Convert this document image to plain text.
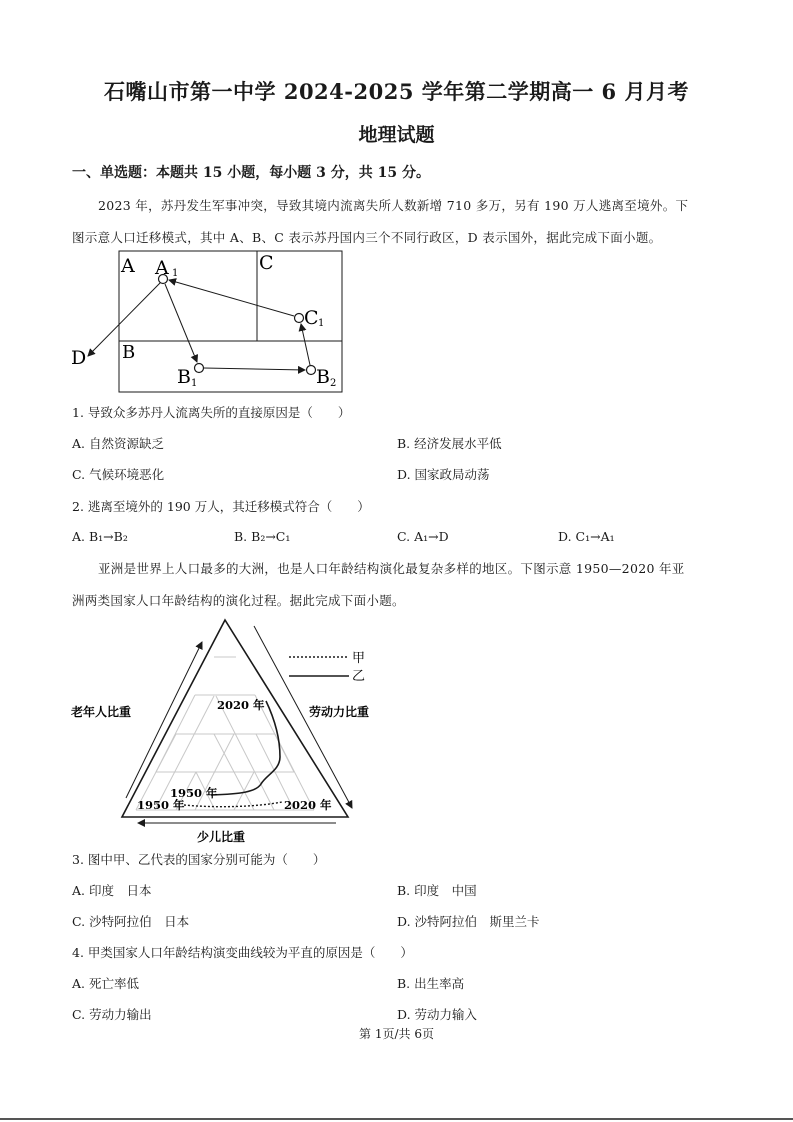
石嘴山市第一中学 2024-2025 学年第二学期高一 6 月月考
地理试题
一、单选题：本题共 15 小题，每小题 3 分，共 15 分。
2023 年，苏丹发生军事冲突，导致其境内流离失所人数新增 710 多万，另有 190 万人逃离至境外。下
图示意人口迁移模式，其中 A、B、C 表示苏丹国内三个不同行政区，D 表示国外，据此完成下面小题。
A	C
B
D
A 1
C 1
B 1	B 2
1. 导致众多苏丹人流离失所的直接原因是（　　）
A. 自然资源缺乏	B. 经济发展水平低
C. 气候环境恶化	D. 国家政局动荡
2. 逃离至境外的 190 万人，其迁移模式符合（　　）
A. B₁→B₂	B. B₂→C₁	C. A₁→D	D. C₁→A₁
亚洲是世界上人口最多的大洲，也是人口年龄结构演化最复杂多样的地区。下图示意 1950—2020 年亚
洲两类国家人口年龄结构的演化过程。据此完成下面小题。
甲
乙
老年人比重	劳动力比重
少儿比重
2020 年
1950 年
1950 年	2020 年
3. 图中甲、乙代表的国家分别可能为（　　）
A. 印度　日本	B. 印度　中国
C. 沙特阿拉伯　日本	D. 沙特阿拉伯　斯里兰卡
4. 甲类国家人口年龄结构演变曲线较为平直的原因是（　　）
A. 死亡率低	B. 出生率高
C. 劳动力输出	D. 劳动力输入
第 1页/共 6页
